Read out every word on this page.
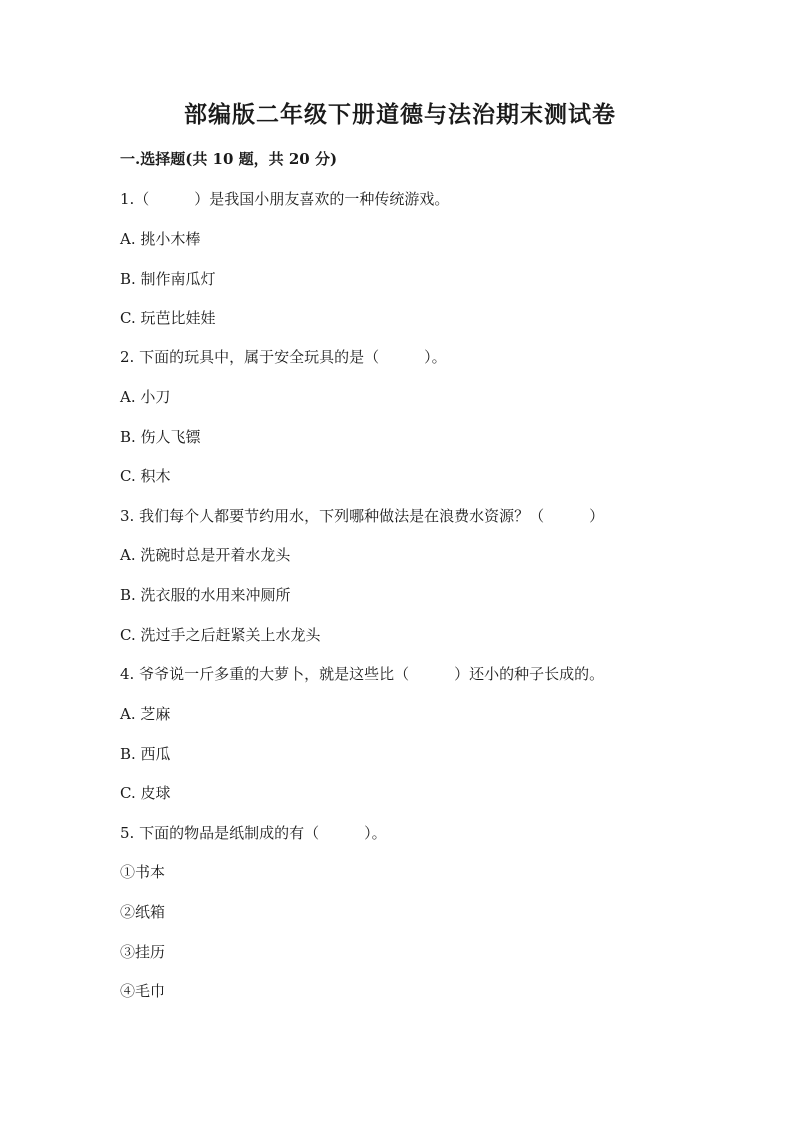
部编版二年级下册道德与法治期末测试卷
一.选择题(共 10 题，共 20 分)

1.（　　　）是我国小朋友喜欢的一种传统游戏。

A. 挑小木棒

B. 制作南瓜灯

C. 玩芭比娃娃

2. 下面的玩具中，属于安全玩具的是（　　　）。

A. 小刀

B. 伤人飞镖

C. 积木

3. 我们每个人都要节约用水，下列哪种做法是在浪费水资源？（　　　）

A. 洗碗时总是开着水龙头

B. 洗衣服的水用来冲厕所

C. 洗过手之后赶紧关上水龙头

4. 爷爷说一斤多重的大萝卜，就是这些比（　　　）还小的种子长成的。

A. 芝麻

B. 西瓜

C. 皮球

5. 下面的物品是纸制成的有（　　　）。

①书本

②纸箱

③挂历

④毛巾
